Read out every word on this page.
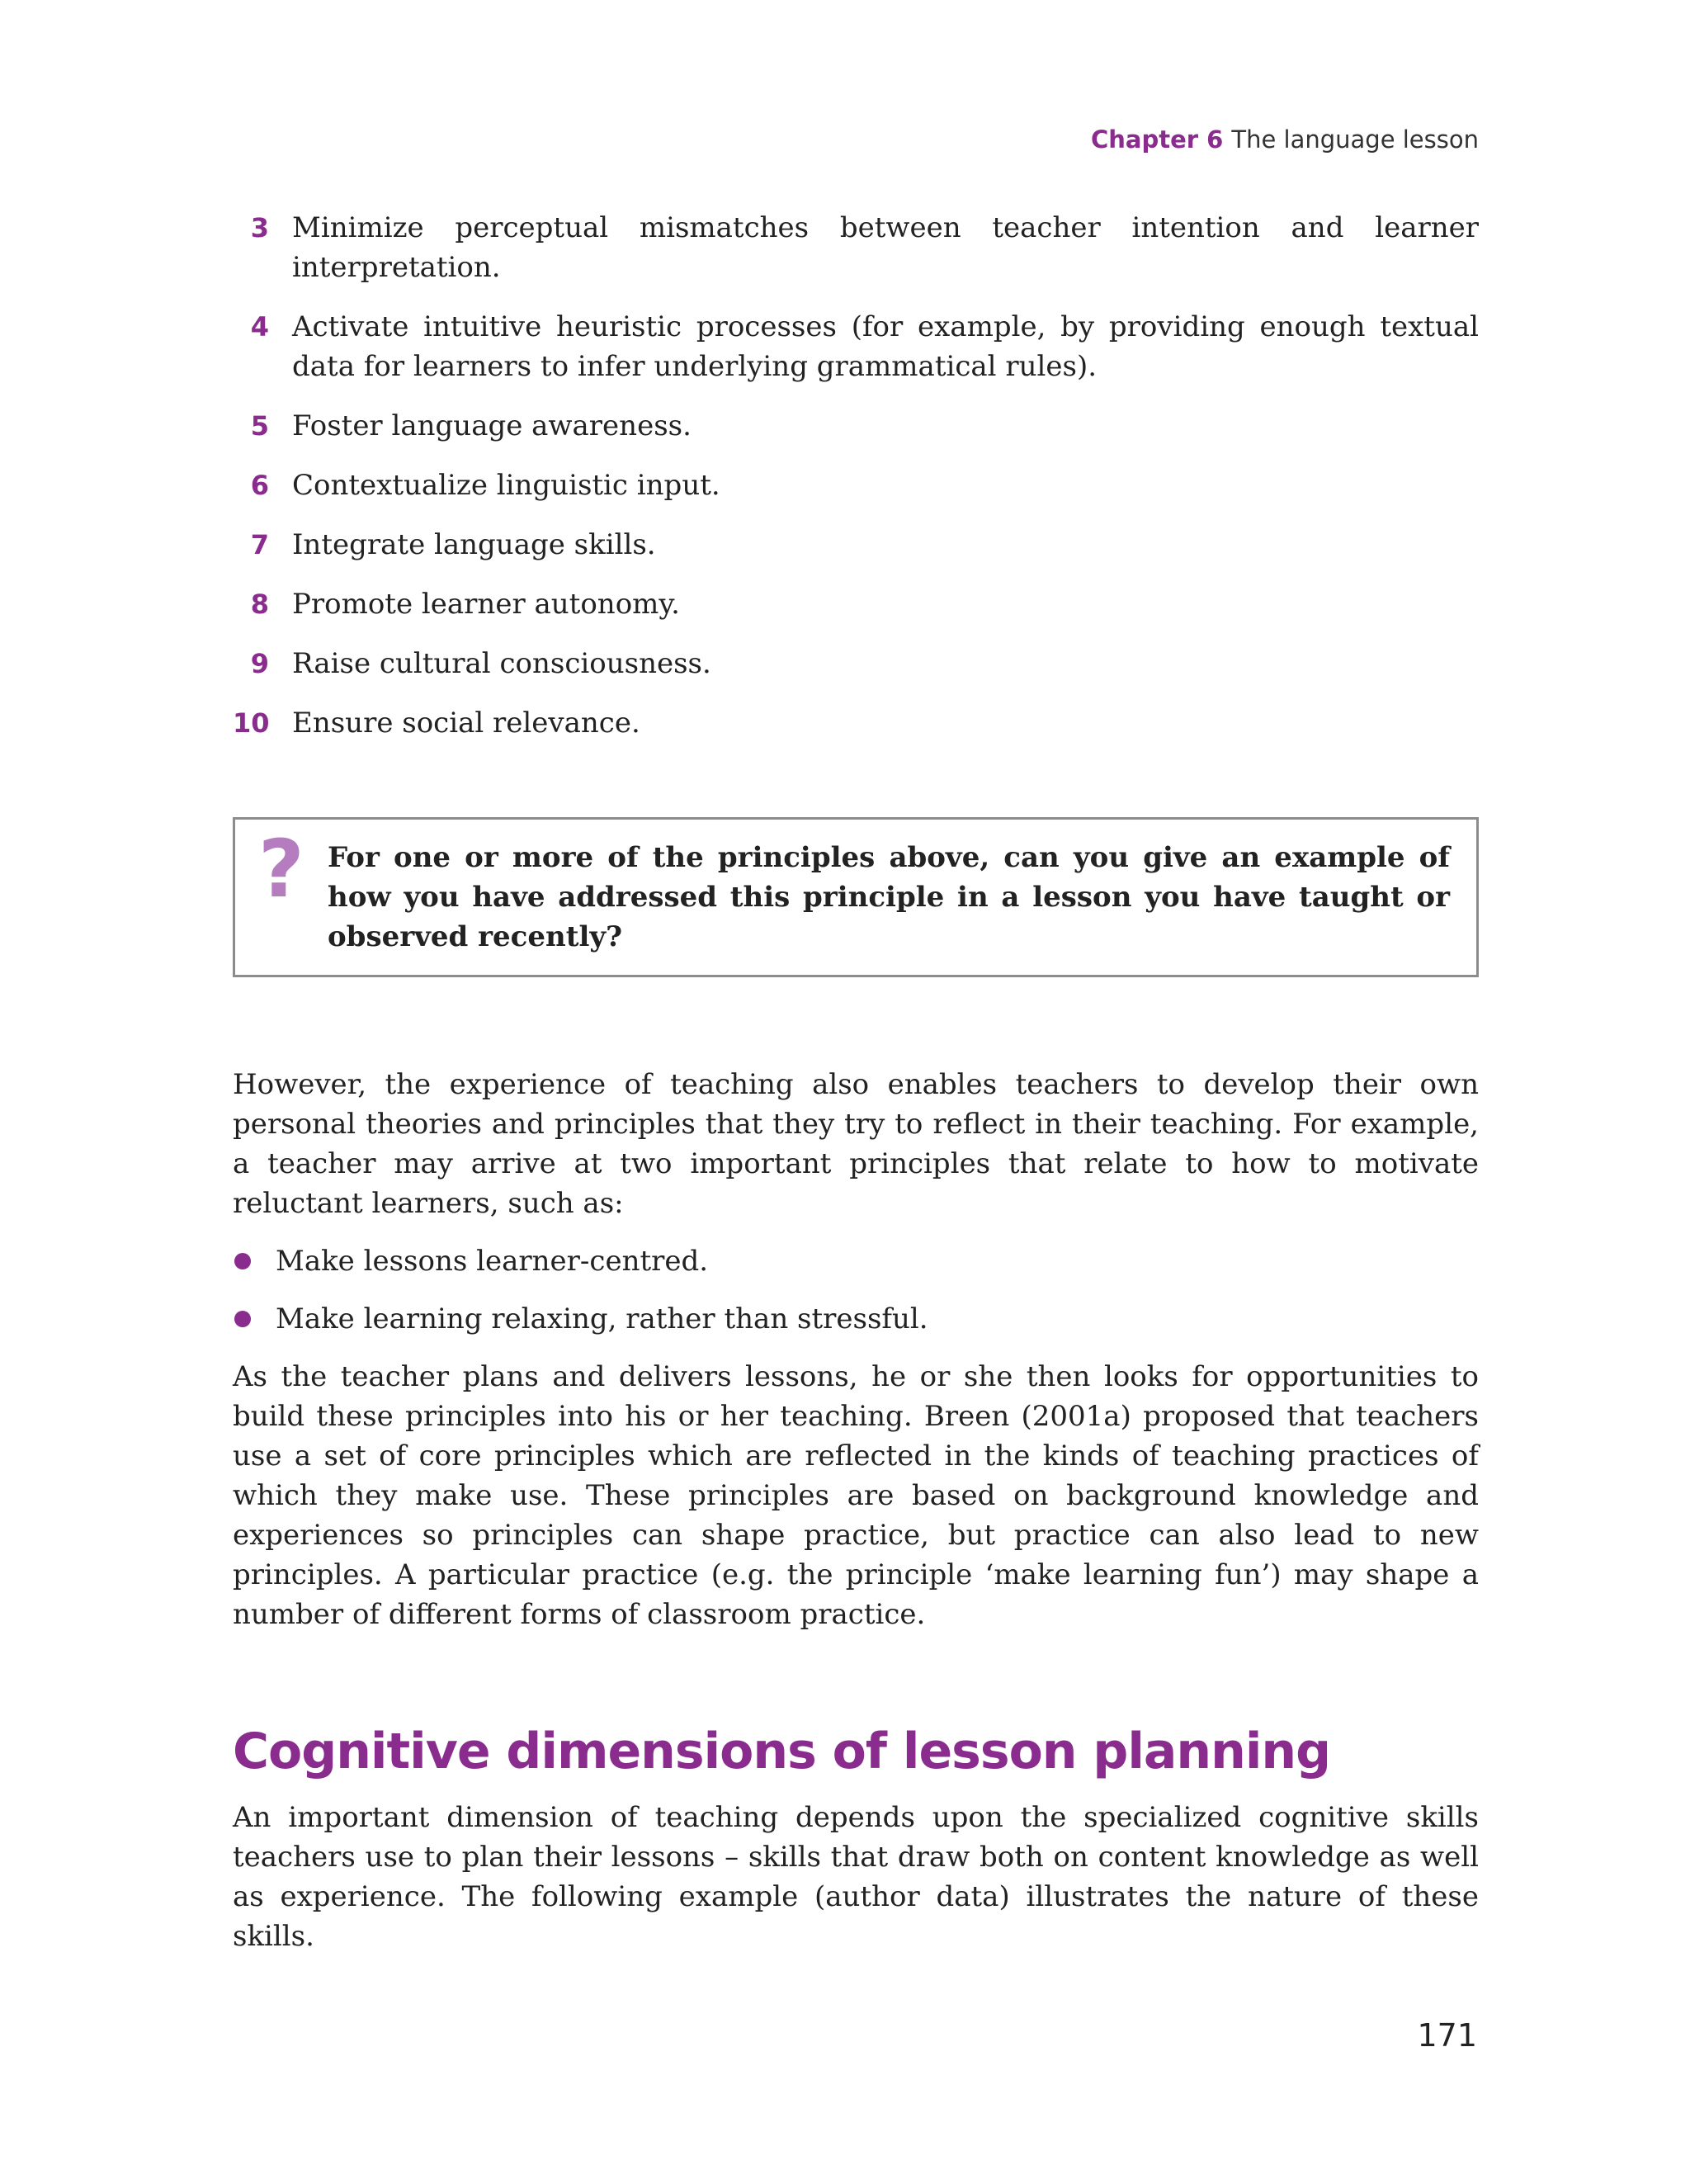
Chapter 6 The language lesson
3 Minimize perceptual mismatches between teacher intention and learner interpretation.
4 Activate intuitive heuristic processes (for example, by providing enough textual data for learners to infer underlying grammatical rules).
5 Foster language awareness.
6 Contextualize linguistic input.
7 Integrate language skills.
8 Promote learner autonomy.
9 Raise cultural consciousness.
10 Ensure social relevance.
? For one or more of the principles above, can you give an example of how you have addressed this principle in a lesson you have taught or observed recently?

However, the experience of teaching also enables teachers to develop their own personal theories and principles that they try to reflect in their teaching. For example, a teacher may arrive at two important principles that relate to how to motivate reluctant learners, such as:

Make lessons learner-centred.
Make learning relaxing, rather than stressful.

As the teacher plans and delivers lessons, he or she then looks for opportunities to build these principles into his or her teaching. Breen (2001a) proposed that teachers use a set of core principles which are reflected in the kinds of teaching practices of which they make use. These principles are based on background knowledge and experiences so principles can shape practice, but practice can also lead to new principles. A particular practice (e.g. the principle ‘make learning fun’) may shape a number of different forms of classroom practice.

Cognitive dimensions of lesson planning

An important dimension of teaching depends upon the specialized cognitive skills teachers use to plan their lessons – skills that draw both on content knowledge as well as experience. The following example (author data) illustrates the nature of these skills.

171
